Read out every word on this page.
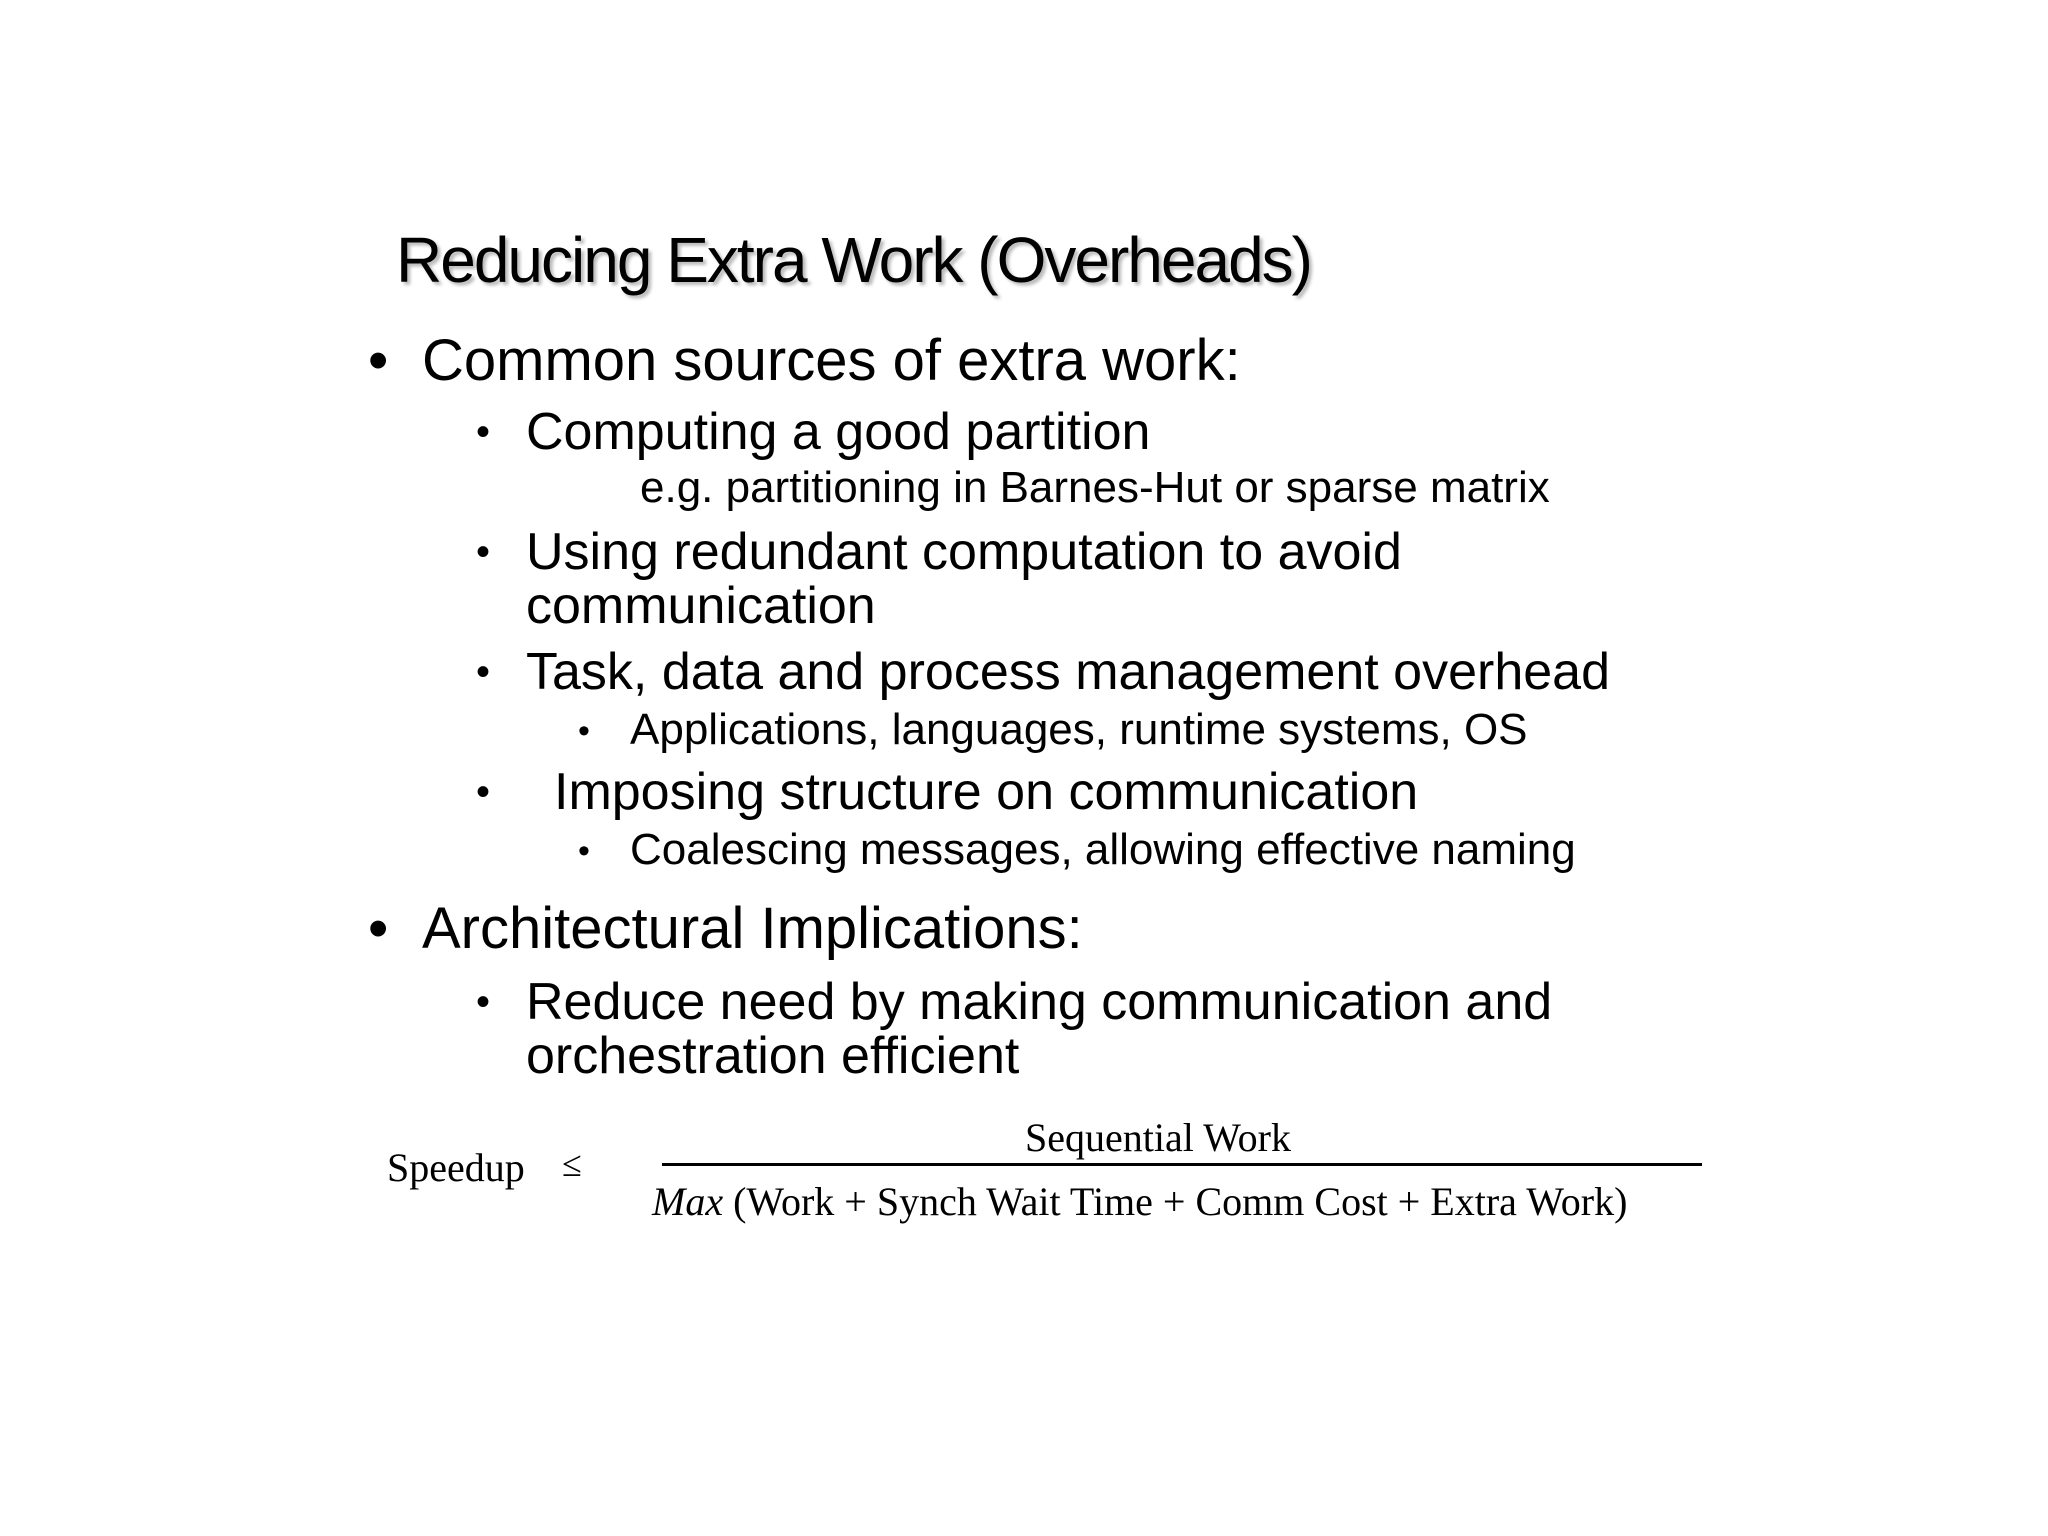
Reducing Extra Work (Overheads)
• Common sources of extra work:
• Computing a good partition
e.g. partitioning in Barnes-Hut or sparse matrix
• Using redundant computation to avoid
communication
• Task, data and process management overhead
• Applications, languages, runtime systems, OS
• Imposing structure on communication
• Coalescing messages, allowing effective naming
• Architectural Implications:
• Reduce need by making communication and
orchestration efficient
Speedup ≤
Sequential Work
Max (Work + Synch Wait Time + Comm Cost + Extra Work)
